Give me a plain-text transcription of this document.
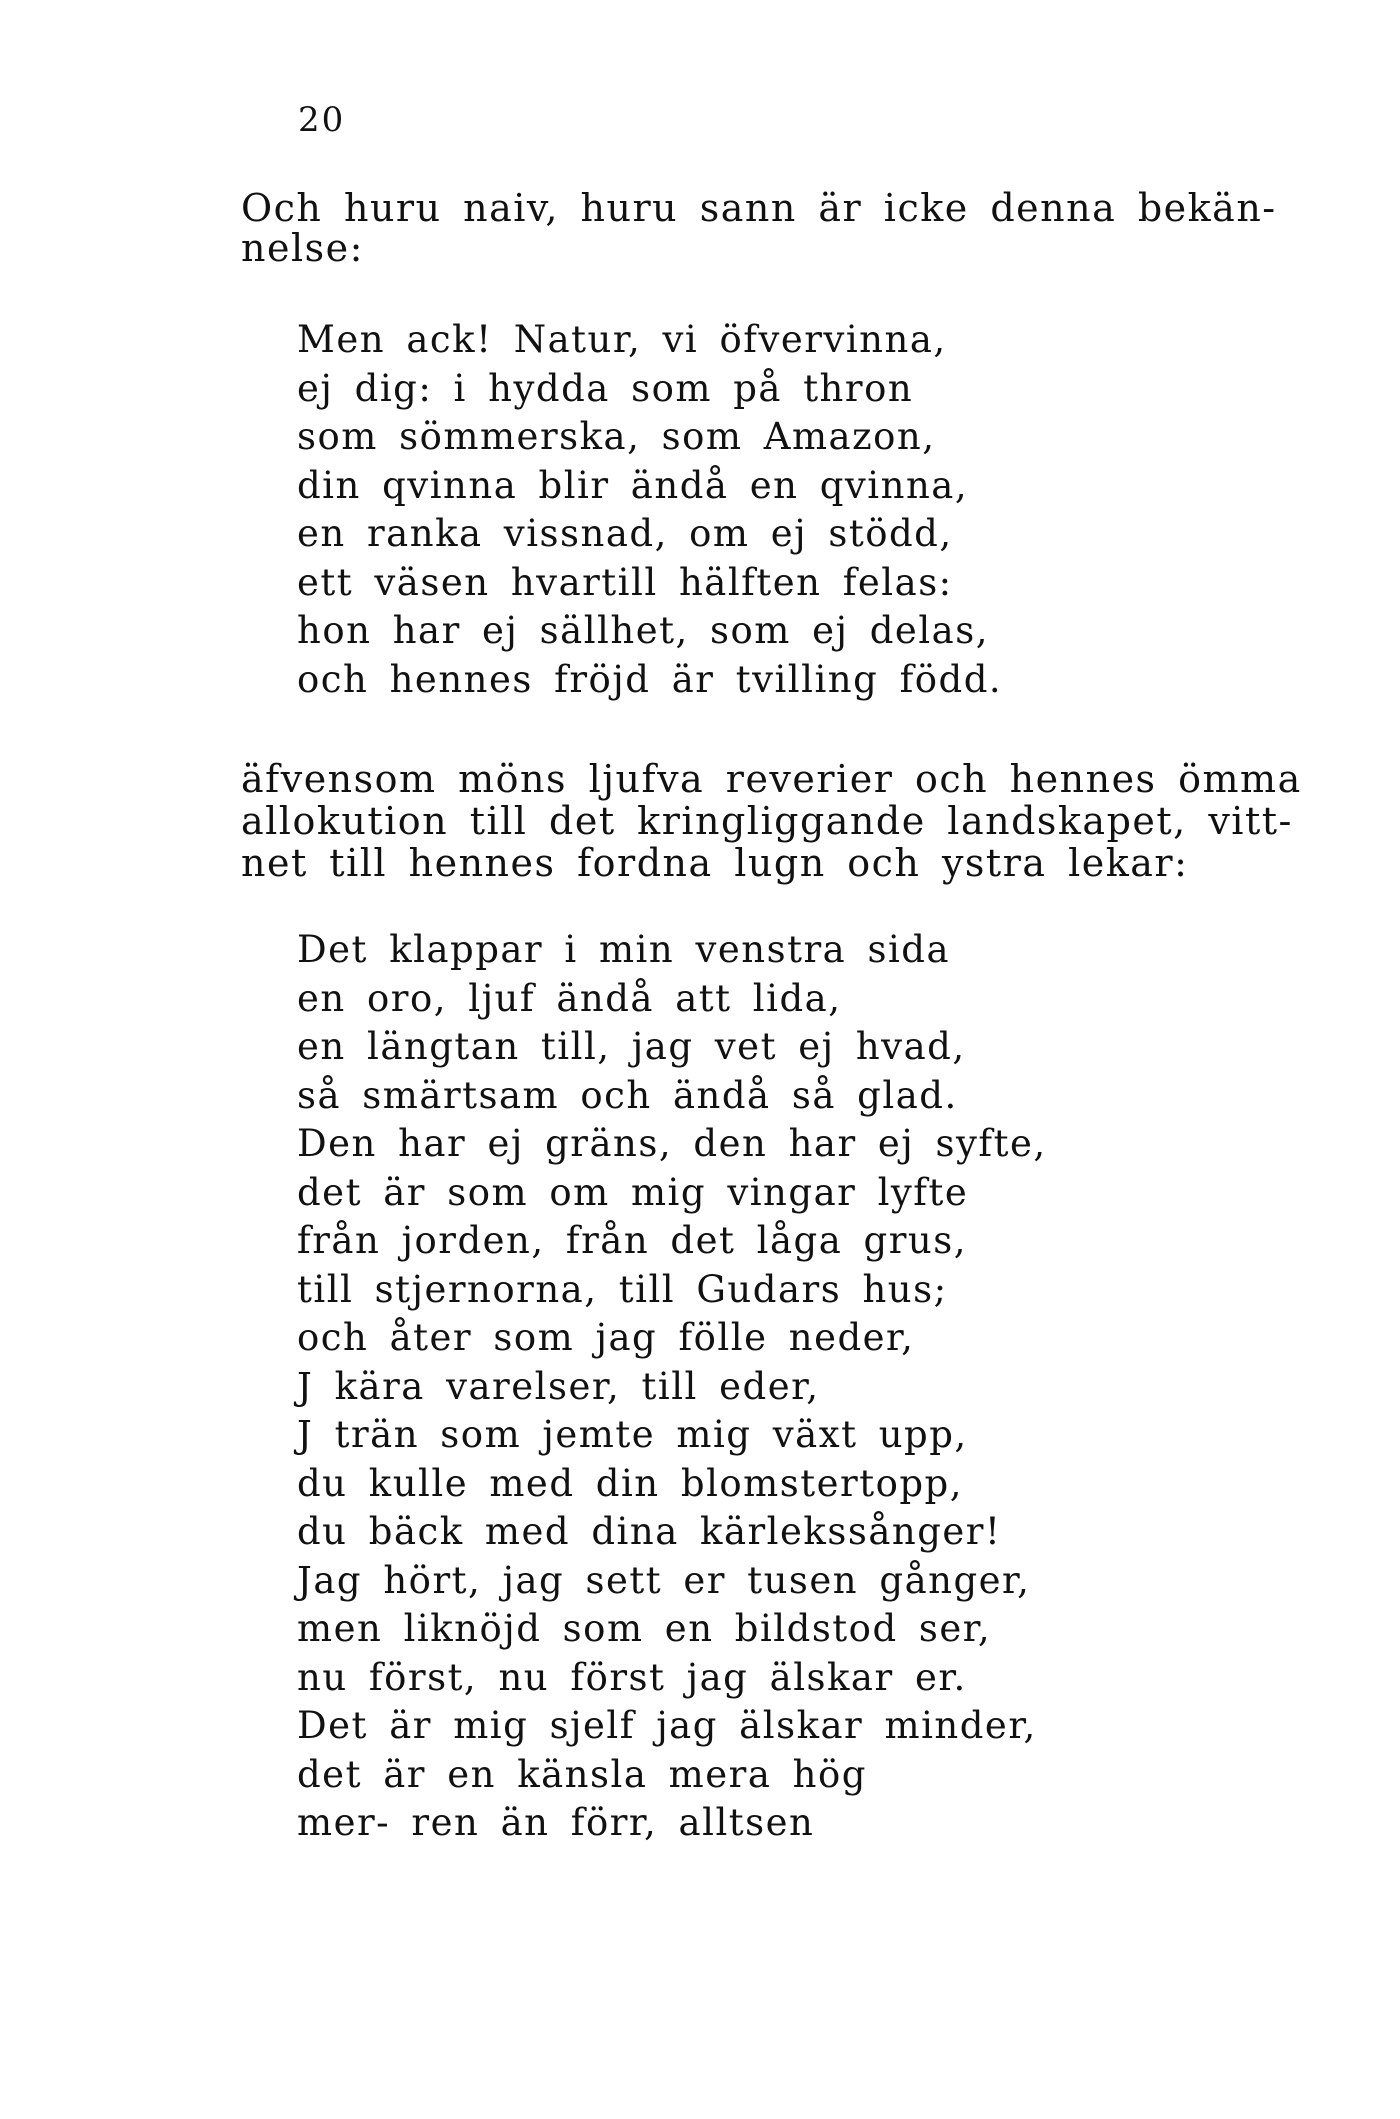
20
Och huru naiv, huru sann är icke denna bekän-
nelse:
Men ack! Natur, vi öfvervinna,
ej dig: i hydda som på thron
som sömmerska, som Amazon,
din qvinna blir ändå en qvinna,
en ranka vissnad, om ej stödd,
ett väsen hvartill hälften felas:
hon har ej sällhet, som ej delas,
och hennes fröjd är tvilling född.
äfvensom möns ljufva reverier och hennes ömma
allokution till det kringliggande landskapet, vitt-
net till hennes fordna lugn och ystra lekar:
Det klappar i min venstra sida
en oro, ljuf ändå att lida,
en längtan till, jag vet ej hvad,
så smärtsam och ändå så glad.
Den har ej gräns, den har ej syfte,
det är som om mig vingar lyfte
från jorden, från det låga grus,
till stjernorna, till Gudars hus;
och åter som jag fölle neder,
J kära varelser, till eder,
J trän som jemte mig växt upp,
du kulle med din blomstertopp,
du bäck med dina kärlekssånger!
Jag hört, jag sett er tusen gånger,
men liknöjd som en bildstod ser,
nu först, nu först jag älskar er.
Det är mig sjelf jag älskar minder,
det är en känsla mera hög
mer- ren än förr, alltsen
